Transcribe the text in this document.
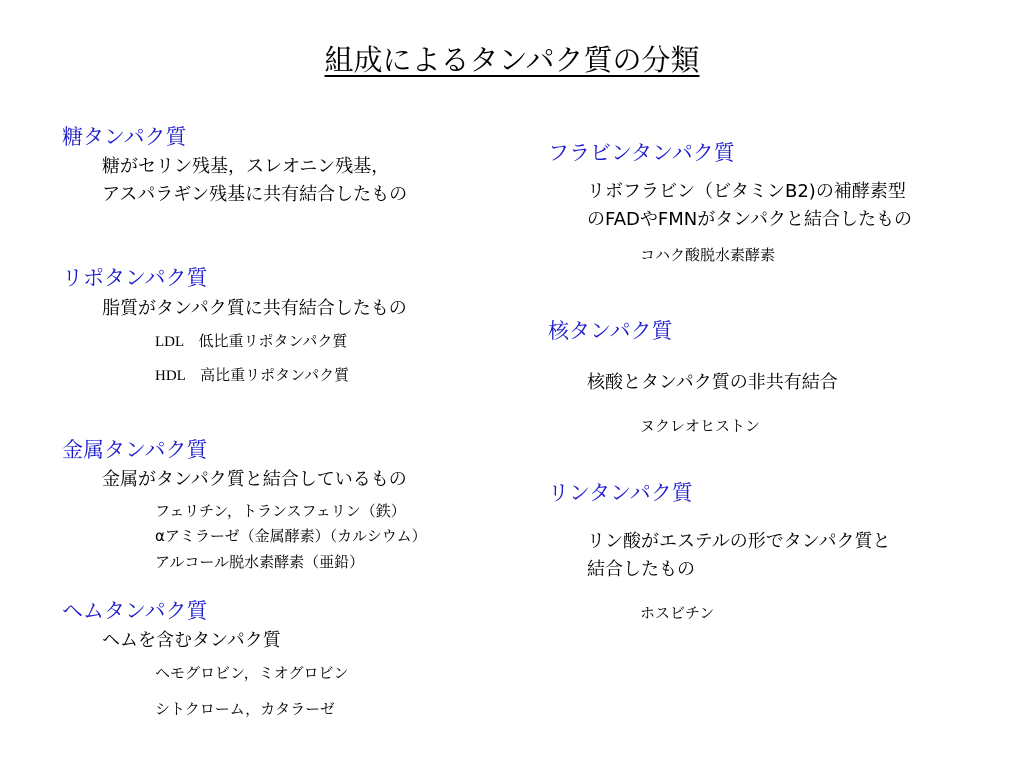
組成によるタンパク質の分類
糖タンパク質
糖がセリン残基，スレオニン残基，
アスパラギン残基に共有結合したもの
リポタンパク質
脂質がタンパク質に共有結合したもの
LDL 低比重リポタンパク質
HDL 高比重リポタンパク質
金属タンパク質
金属がタンパク質と結合しているもの
フェリチン，トランスフェリン（鉄）
αアミラーゼ（金属酵素）（カルシウム）
アルコール脱水素酵素（亜鉛）
ヘムタンパク質
ヘムを含むタンパク質
ヘモグロビン，ミオグロビン
シトクローム，カタラーゼ
フラビンタンパク質
リボフラビン（ビタミンB2)の補酵素型
のFADやFMNがタンパクと結合したもの
コハク酸脱水素酵素
核タンパク質
核酸とタンパク質の非共有結合
ヌクレオヒストン
リンタンパク質
リン酸がエステルの形でタンパク質と
結合したもの
ホスビチン
